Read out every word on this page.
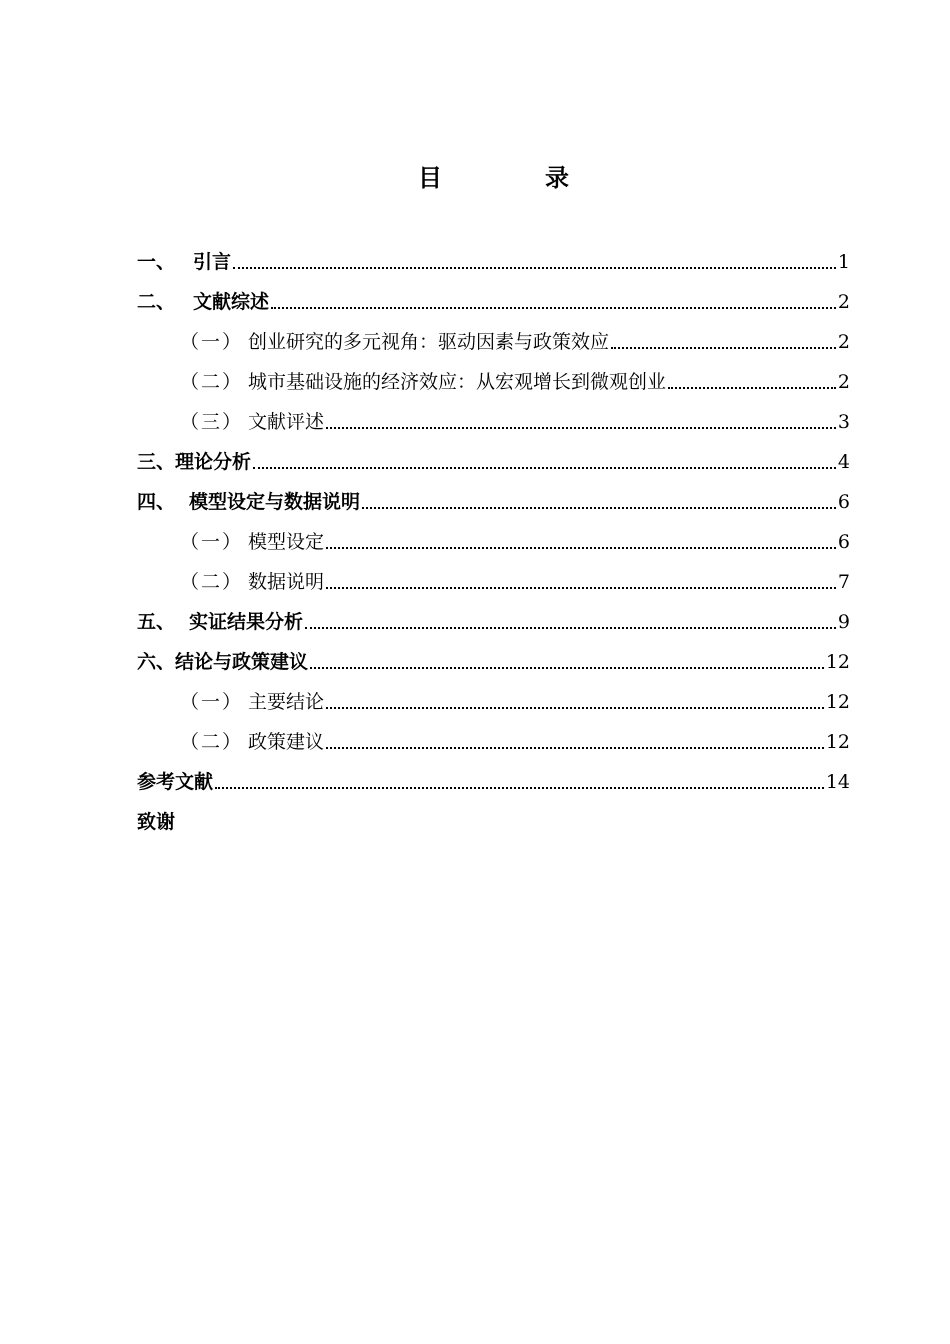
目	录
一、 引言	1
二、 文献综述	2
（一） 创业研究的多元视角：驱动因素与政策效应	2
（二） 城市基础设施的经济效应：从宏观增长到微观创业	2
（三） 文献评述	3
三、 理论分析	4
四、 模型设定与数据说明	6
（一） 模型设定	6
（二） 数据说明	7
五、 实证结果分析	9
六、 结论与政策建议	12
（一） 主要结论	12
（二） 政策建议	12
参考文献	14
致谢
